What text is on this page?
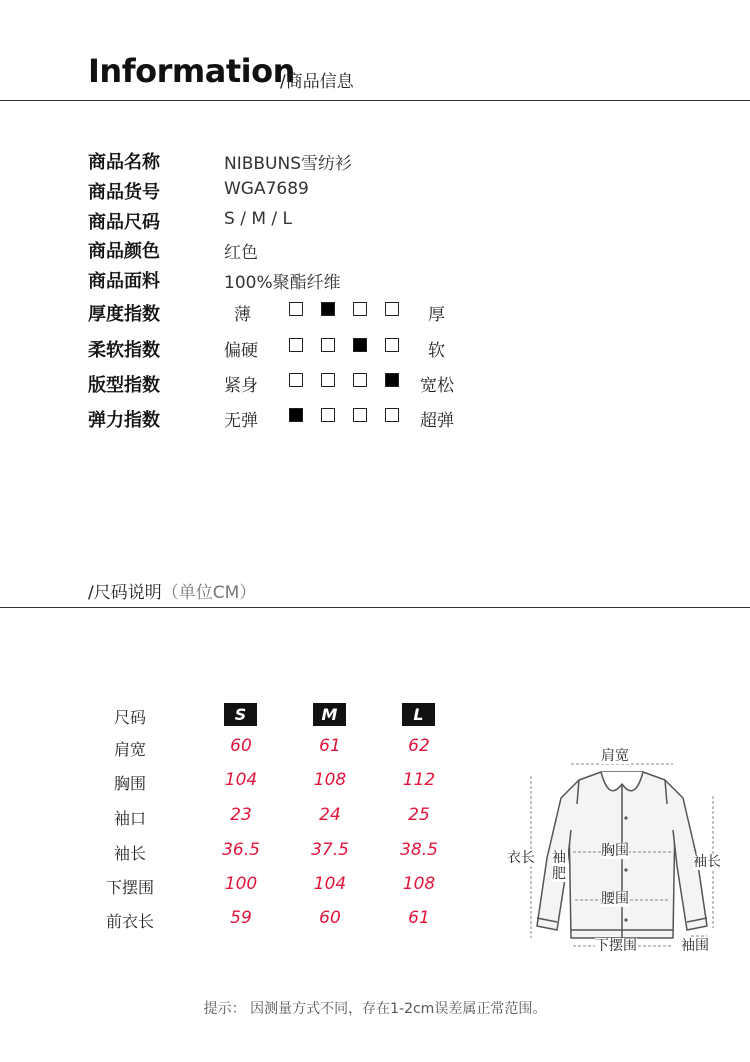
Information
/商品信息
商品名称	NIBBUNS雪纺衫
商品货号	WGA7689
商品尺码	S / M / L
商品颜色	红色
商品面料	100%聚酯纤维
厚度指数	薄	厚
柔软指数	偏硬	软
版型指数	紧身	宽松
弹力指数	无弹	超弹
/尺码说明（单位CM）
尺码	S	M	L
肩宽	60	61	62
胸围	104	108	112
袖口	23	24	25
袖长	36.5	37.5	38.5
下摆围	100	104	108
前衣长	59	60	61
肩宽
胸围
衣长 袖肥
袖长
腰围
下摆围	袖围
提示： 因测量方式不同，存在1-2cm误差属正常范围。
